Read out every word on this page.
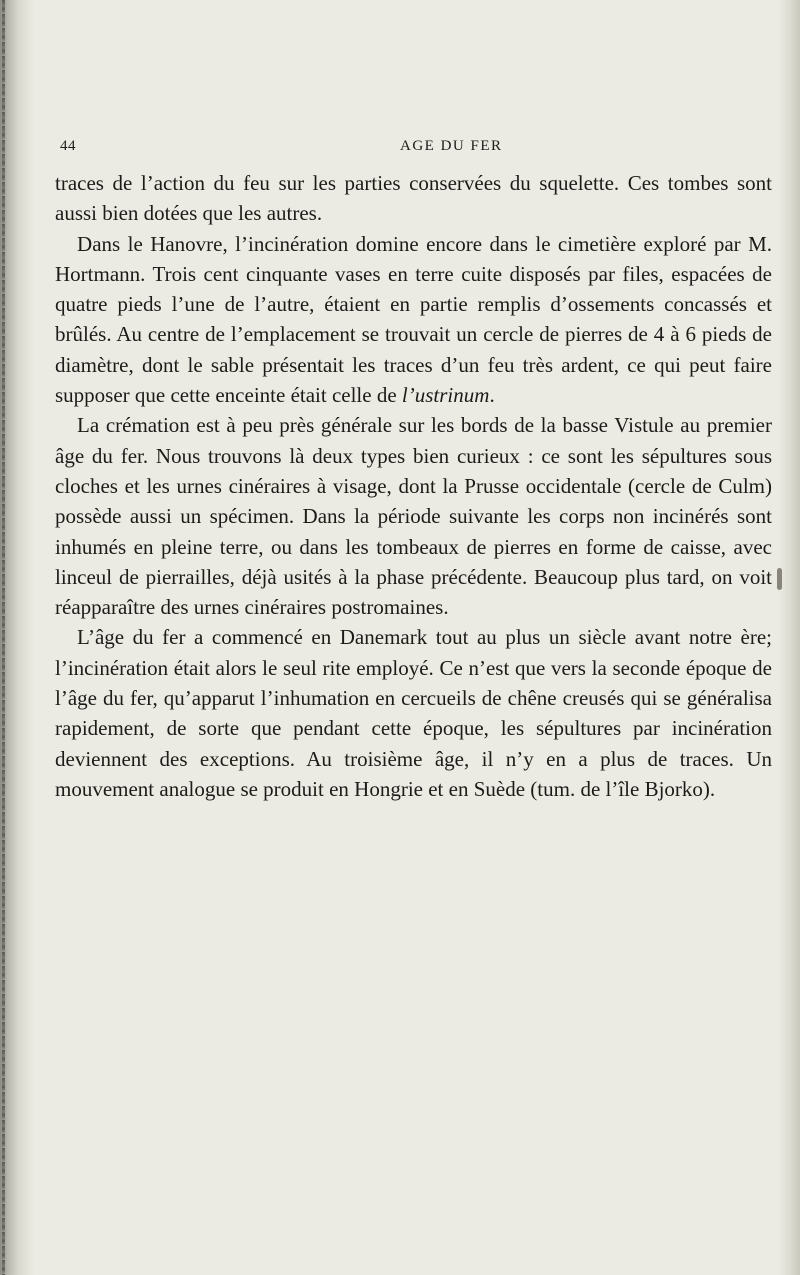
44	AGE DU FER

traces de l’action du feu sur les parties conservées du squelette. Ces tombes sont aussi bien dotées que les autres.

Dans le Hanovre, l’incinération domine encore dans le cimetière exploré par M. Hortmann. Trois cent cinquante vases en terre cuite disposés par files, espacées de quatre pieds l’une de l’autre, étaient en partie remplis d’ossements concassés et brûlés. Au centre de l’emplacement se trouvait un cercle de pierres de 4 à 6 pieds de diamètre, dont le sable présentait les traces d’un feu très ardent, ce qui peut faire supposer que cette enceinte était celle de l’ustrinum.

La crémation est à peu près générale sur les bords de la basse Vistule au premier âge du fer. Nous trouvons là deux types bien curieux : ce sont les sépultures sous cloches et les urnes cinéraires à visage, dont la Prusse occidentale (cercle de Culm) possède aussi un spécimen. Dans la période suivante les corps non incinérés sont inhumés en pleine terre, ou dans les tombeaux de pierres en forme de caisse, avec linceul de pierrailles, déjà usités à la phase précédente. Beaucoup plus tard, on voit réapparaître des urnes cinéraires postromaines.

L’âge du fer a commencé en Danemark tout au plus un siècle avant notre ère; l’incinération était alors le seul rite employé. Ce n’est que vers la seconde époque de l’âge du fer, qu’apparut l’inhumation en cercueils de chêne creusés qui se généralisa rapidement, de sorte que pendant cette époque, les sépultures par incinération deviennent des exceptions. Au troisième âge, il n’y en a plus de traces. Un mouvement analogue se produit en Hongrie et en Suède (tum. de l’île Bjorko).
